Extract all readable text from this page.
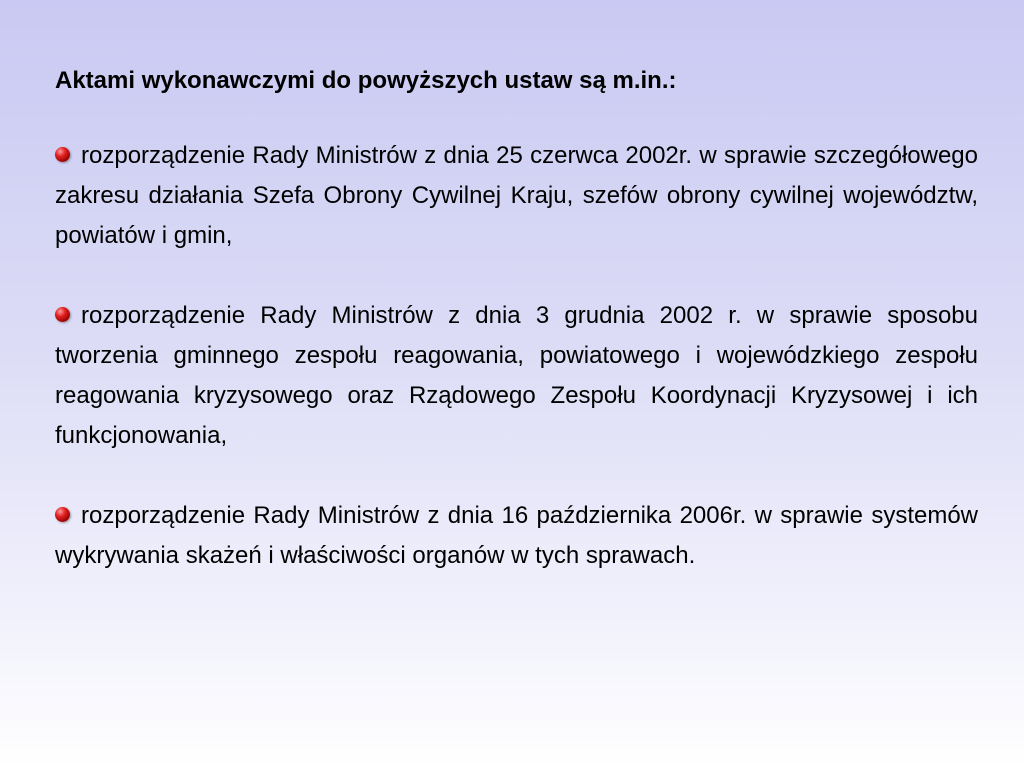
Aktami wykonawczymi do powyższych ustaw są m.in.:
rozporządzenie Rady Ministrów z dnia 25 czerwca 2002r. w sprawie szczegółowego zakresu działania Szefa Obrony Cywilnej Kraju, szefów obrony cywilnej województw, powiatów i gmin,
rozporządzenie Rady Ministrów z dnia 3 grudnia 2002 r. w sprawie sposobu tworzenia gminnego zespołu reagowania, powiatowego i wojewódzkiego zespołu reagowania kryzysowego oraz Rządowego Zespołu Koordynacji Kryzysowej i ich funkcjonowania,
rozporządzenie Rady Ministrów z dnia 16 października 2006r. w sprawie systemów wykrywania skażeń i właściwości organów w tych sprawach.
